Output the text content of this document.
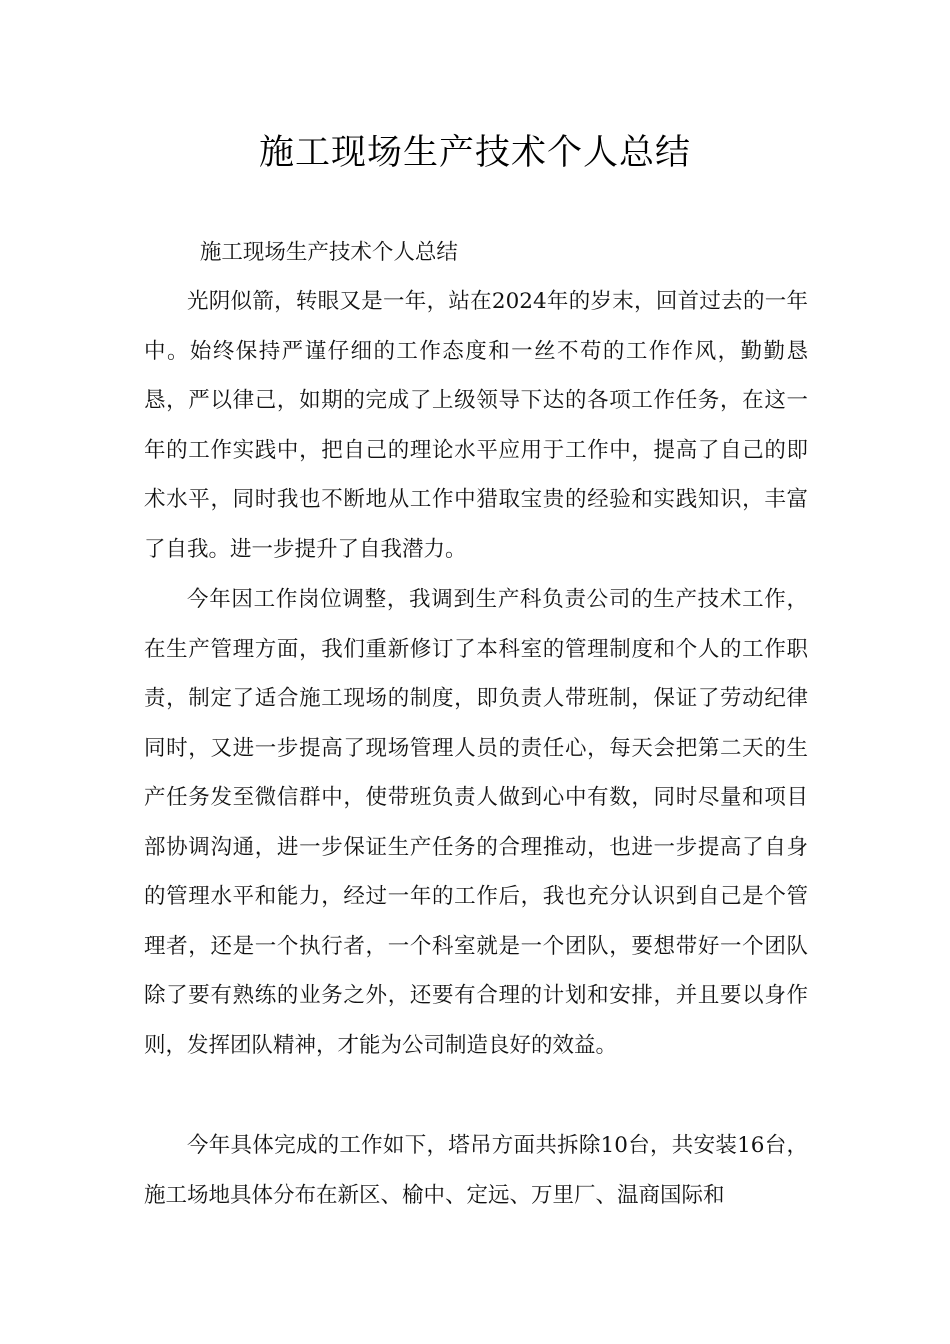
施工现场生产技术个人总结

施工现场生产技术个人总结

光阴似箭，转眼又是一年，站在2024年的岁末，回首过去的一年中。始终保持严谨仔细的工作态度和一丝不苟的工作作风，勤勤恳恳，严以律己，如期的完成了上级领导下达的各项工作任务，在这一年的工作实践中，把自己的理论水平应用于工作中，提高了自己的即术水平，同时我也不断地从工作中猎取宝贵的经验和实践知识，丰富了自我。进一步提升了自我潜力。

今年因工作岗位调整，我调到生产科负责公司的生产技术工作，在生产管理方面，我们重新修订了本科室的管理制度和个人的工作职责，制定了适合施工现场的制度，即负责人带班制，保证了劳动纪律同时，又进一步提高了现场管理人员的责任心，每天会把第二天的生产任务发至微信群中，使带班负责人做到心中有数，同时尽量和项目部协调沟通，进一步保证生产任务的合理推动，也进一步提高了自身的管理水平和能力，经过一年的工作后，我也充分认识到自己是个管理者，还是一个执行者，一个科室就是一个团队，要想带好一个团队除了要有熟练的业务之外，还要有合理的计划和安排，并且要以身作则，发挥团队精神，才能为公司制造良好的效益。

今年具体完成的工作如下，塔吊方面共拆除10台，共安装16台，施工场地具体分布在新区、榆中、定远、万里厂、温商国际和
